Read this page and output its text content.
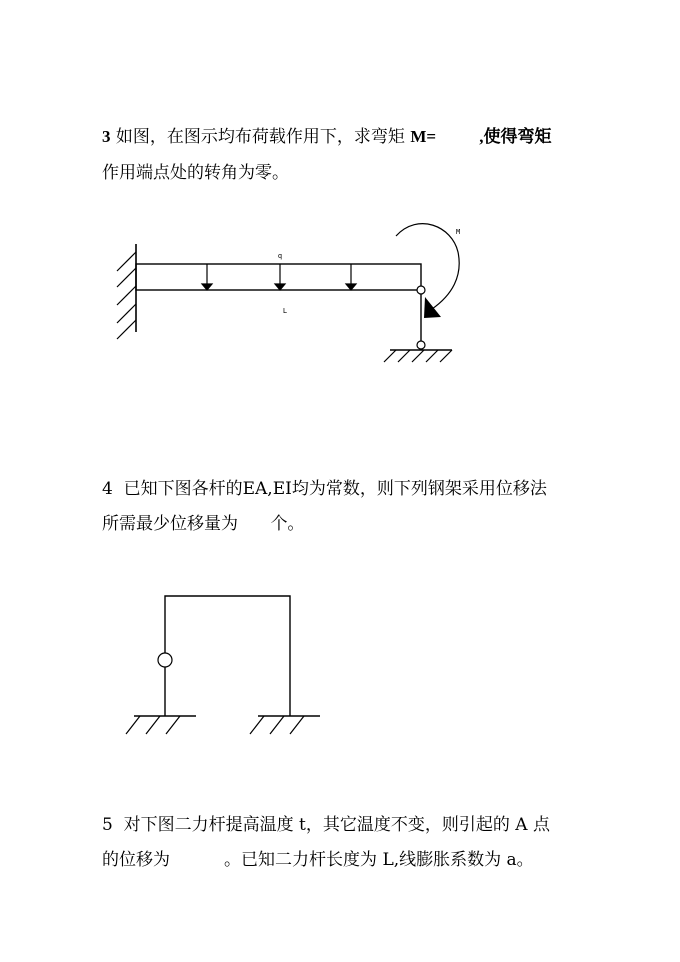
3 如图，在图示均布荷载作用下，求弯矩 M=	,使得弯矩
作用端点处的转角为零。
q
L
M
4  已知下图各杆的EA,EI均为常数，则下列钢架采用位移法
所需最少位移量为 个。
5  对下图二力杆提高温度 t，其它温度不变，则引起的 A 点
的位移为	。已知二力杆长度为 L,线膨胀系数为 a。
